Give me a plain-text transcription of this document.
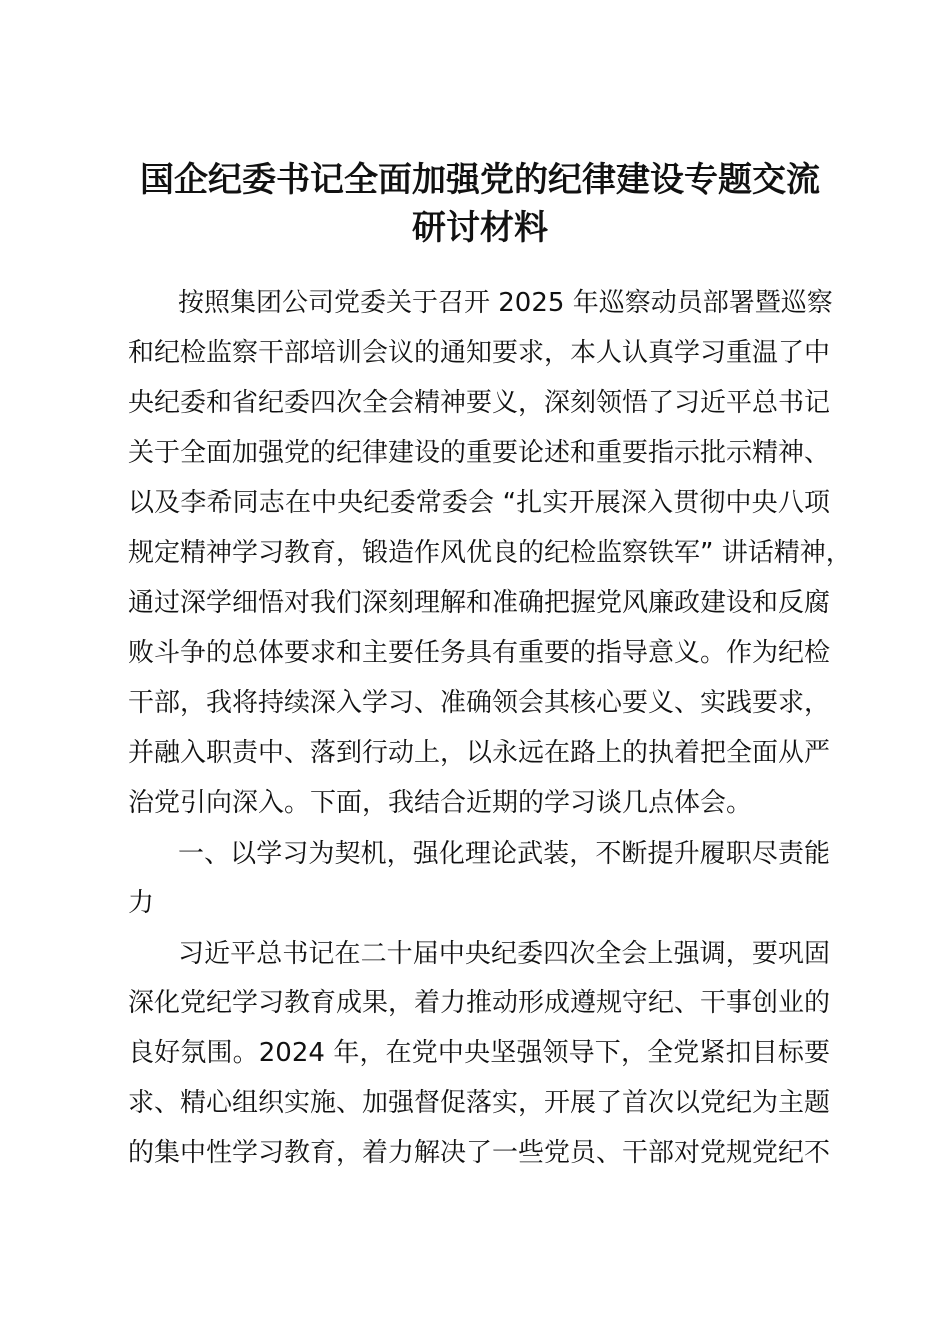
国企纪委书记全面加强党的纪律建设专题交流
研讨材料
按照集团公司党委关于召开 2025 年巡察动员部署暨巡察
和纪检监察干部培训会议的通知要求，本人认真学习重温了中
央纪委和省纪委四次全会精神要义，深刻领悟了习近平总书记
关于全面加强党的纪律建设的重要论述和重要指示批示精神、
以及李希同志在中央纪委常委会 “扎实开展深入贯彻中央八项
规定精神学习教育，锻造作风优良的纪检监察铁军” 讲话精神，
通过深学细悟对我们深刻理解和准确把握党风廉政建设和反腐
败斗争的总体要求和主要任务具有重要的指导意义。作为纪检
干部，我将持续深入学习、准确领会其核心要义、实践要求，
并融入职责中、落到行动上，以永远在路上的执着把全面从严
治党引向深入。下面，我结合近期的学习谈几点体会。
一、以学习为契机，强化理论武装，不断提升履职尽责能
力
习近平总书记在二十届中央纪委四次全会上强调，要巩固
深化党纪学习教育成果，着力推动形成遵规守纪、干事创业的
良好氛围。2024 年，在党中央坚强领导下，全党紧扣目标要
求、精心组织实施、加强督促落实，开展了首次以党纪为主题
的集中性学习教育，着力解决了一些党员、干部对党规党纪不
